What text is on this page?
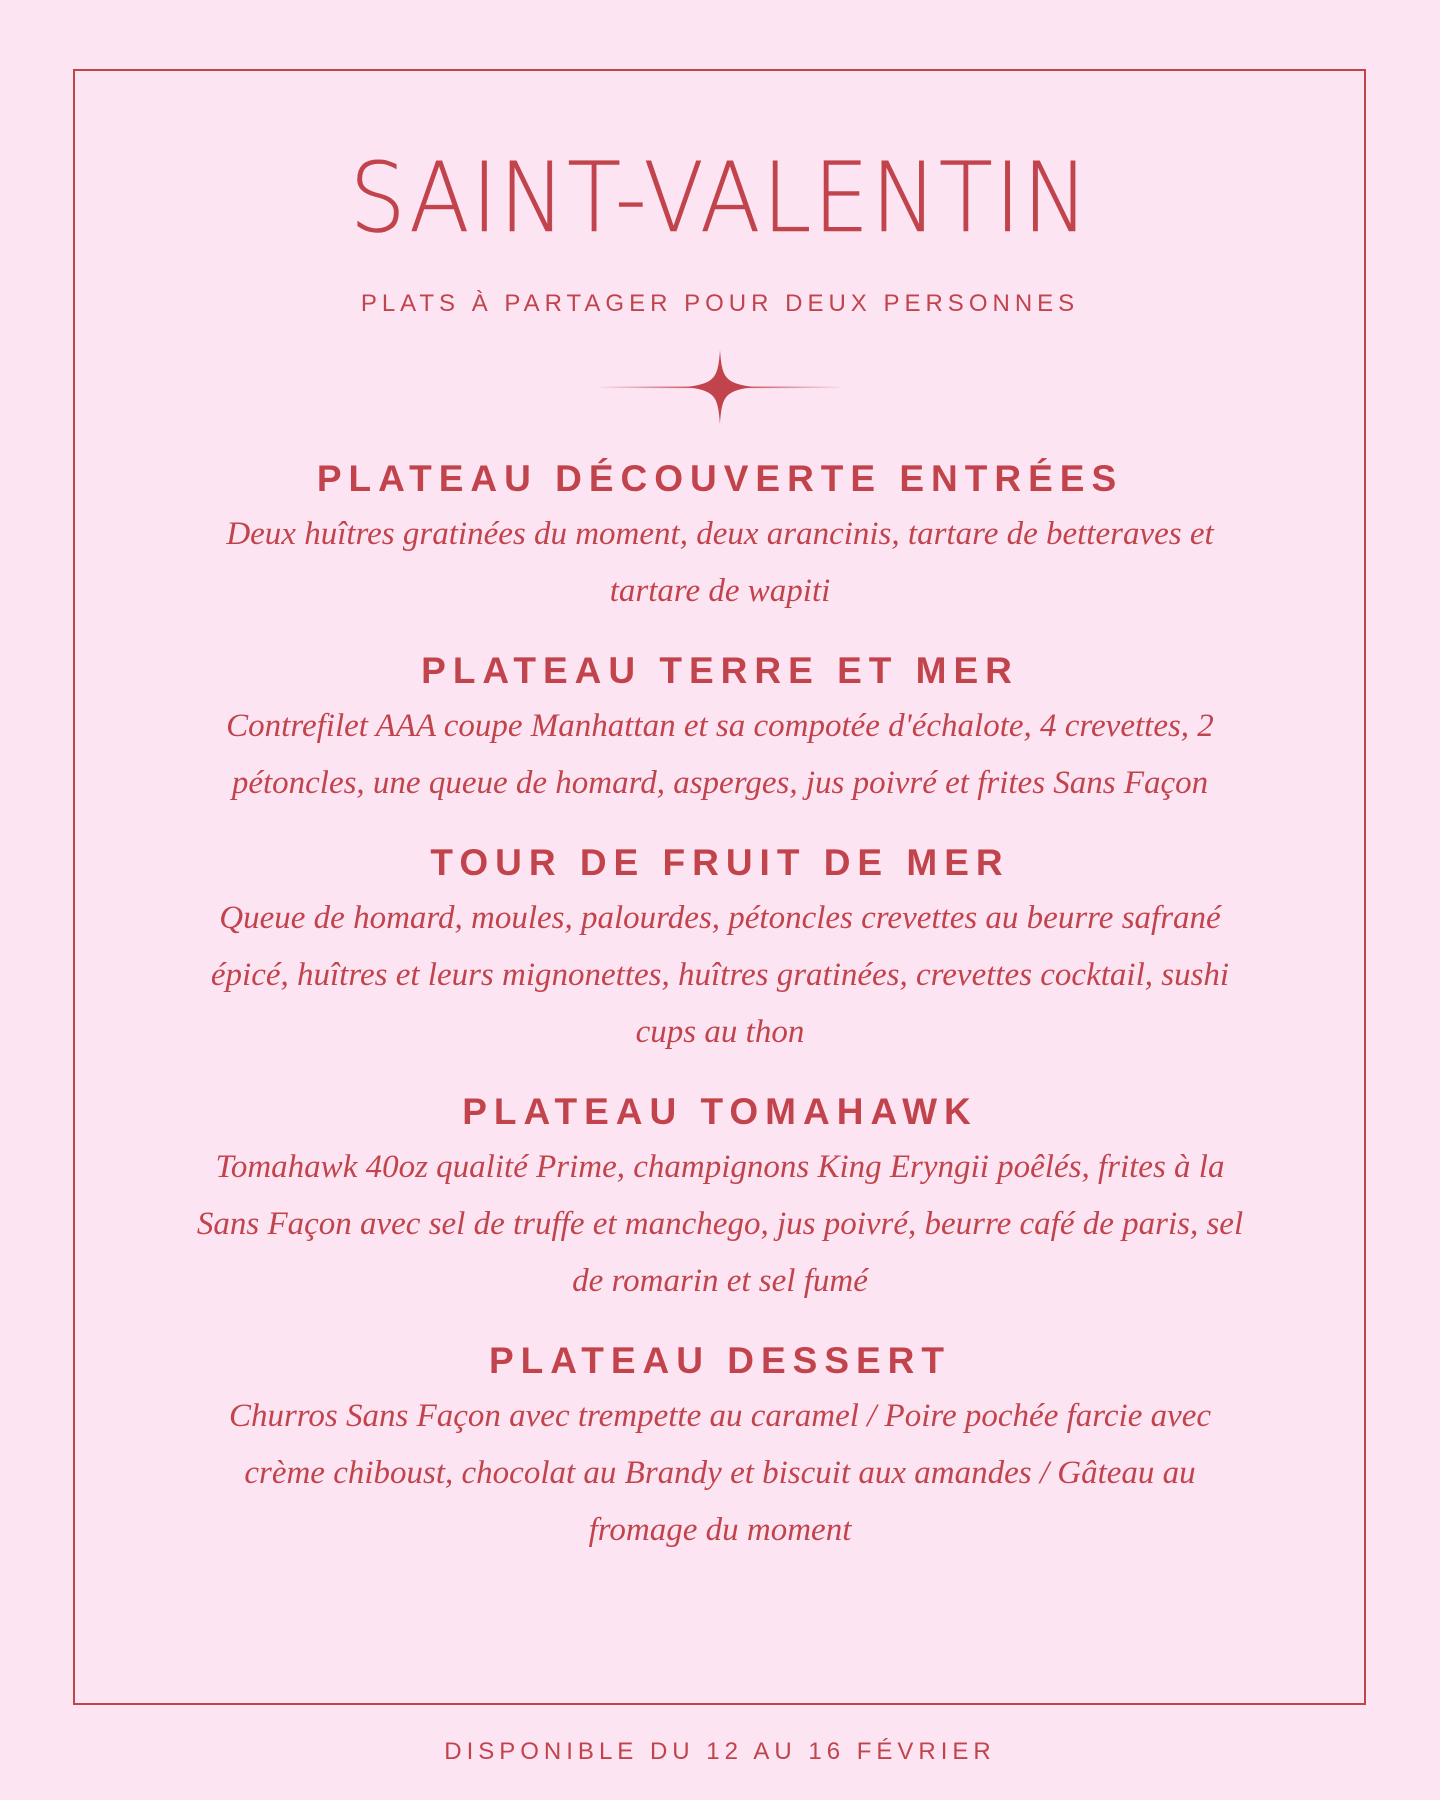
SAINT-VALENTIN
PLATS À PARTAGER POUR DEUX PERSONNES

PLATEAU DÉCOUVERTE ENTRÉES

Deux huîtres gratinées du moment, deux arancinis, tartare de betteraves et tartare de wapiti

PLATEAU TERRE ET MER

Contrefilet AAA coupe Manhattan et sa compotée d'échalote, 4 crevettes, 2 pétoncles, une queue de homard, asperges, jus poivré et frites Sans Façon

TOUR DE FRUIT DE MER

Queue de homard, moules, palourdes, pétoncles crevettes au beurre safrané épicé, huîtres et leurs mignonettes, huîtres gratinées, crevettes cocktail, sushi cups au thon

PLATEAU TOMAHAWK

Tomahawk 40oz qualité Prime, champignons King Eryngii poêlés, frites à la Sans Façon avec sel de truffe et manchego, jus poivré, beurre café de paris, sel de romarin et sel fumé

PLATEAU DESSERT

Churros Sans Façon avec trempette au caramel / Poire pochée farcie avec crème chiboust, chocolat au Brandy et biscuit aux amandes / Gâteau au fromage du moment

DISPONIBLE DU 12 AU 16 FÉVRIER
